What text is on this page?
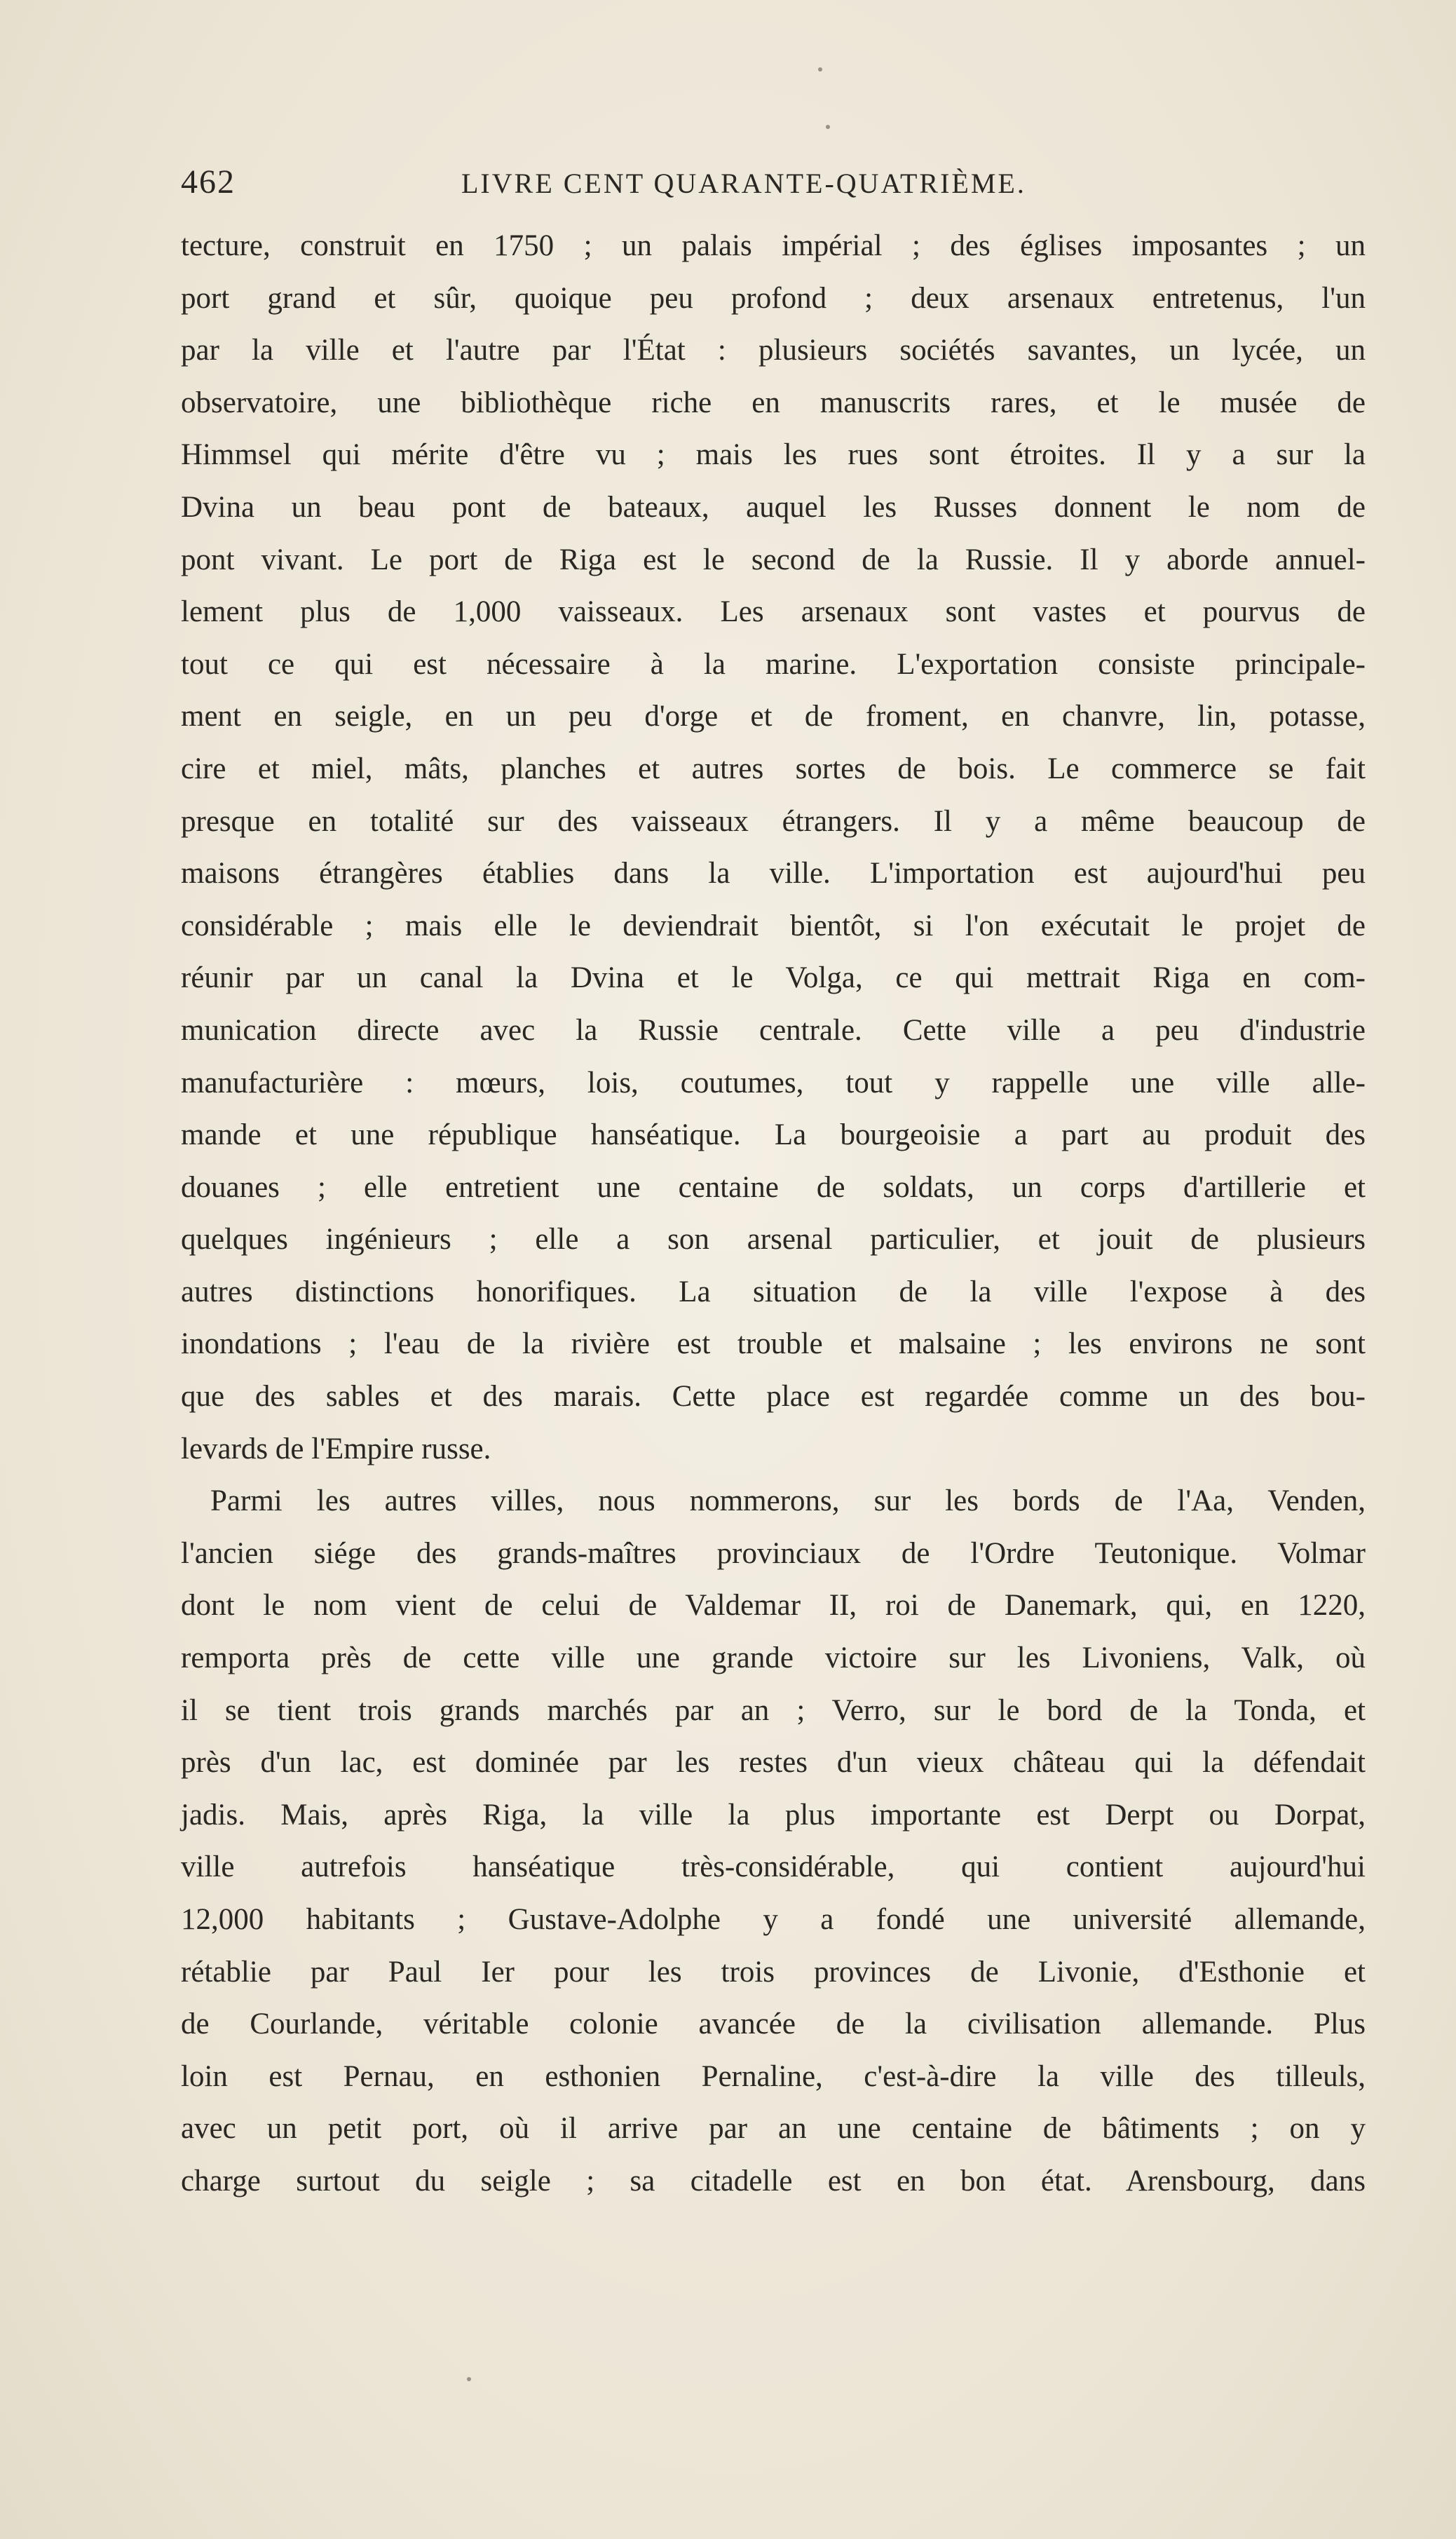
462	LIVRE CENT QUARANTE-QUATRIÈME.
tecture, construit en 1750 ; un palais impérial ; des églises imposantes ; un
port grand et sûr, quoique peu profond ; deux arsenaux entretenus, l'un
par la ville et l'autre par l'État : plusieurs sociétés savantes, un lycée, un
observatoire, une bibliothèque riche en manuscrits rares, et le musée de
Himmsel qui mérite d'être vu ; mais les rues sont étroites. Il y a sur la
Dvina un beau pont de bateaux, auquel les Russes donnent le nom de
pont vivant. Le port de Riga est le second de la Russie. Il y aborde annuel-
lement plus de 1,000 vaisseaux. Les arsenaux sont vastes et pourvus de
tout ce qui est nécessaire à la marine. L'exportation consiste principale-
ment en seigle, en un peu d'orge et de froment, en chanvre, lin, potasse,
cire et miel, mâts, planches et autres sortes de bois. Le commerce se fait
presque en totalité sur des vaisseaux étrangers. Il y a même beaucoup de
maisons étrangères établies dans la ville. L'importation est aujourd'hui peu
considérable ; mais elle le deviendrait bientôt, si l'on exécutait le projet de
réunir par un canal la Dvina et le Volga, ce qui mettrait Riga en com-
munication directe avec la Russie centrale. Cette ville a peu d'industrie
manufacturière : mœurs, lois, coutumes, tout y rappelle une ville alle-
mande et une république hanséatique. La bourgeoisie a part au produit des
douanes ; elle entretient une centaine de soldats, un corps d'artillerie et
quelques ingénieurs ; elle a son arsenal particulier, et jouit de plusieurs
autres distinctions honorifiques. La situation de la ville l'expose à des
inondations ; l'eau de la rivière est trouble et malsaine ; les environs ne sont
que des sables et des marais. Cette place est regardée comme un des bou-
levards de l'Empire russe.
Parmi les autres villes, nous nommerons, sur les bords de l'Aa, Venden,
l'ancien siége des grands-maîtres provinciaux de l'Ordre Teutonique. Volmar
dont le nom vient de celui de Valdemar II, roi de Danemark, qui, en 1220,
remporta près de cette ville une grande victoire sur les Livoniens, Valk, où
il se tient trois grands marchés par an ; Verro, sur le bord de la Tonda, et
près d'un lac, est dominée par les restes d'un vieux château qui la défendait
jadis. Mais, après Riga, la ville la plus importante est Derpt ou Dorpat,
ville autrefois hanséatique très-considérable, qui contient aujourd'hui
12,000 habitants ; Gustave-Adolphe y a fondé une université allemande,
rétablie par Paul Ier pour les trois provinces de Livonie, d'Esthonie et
de Courlande, véritable colonie avancée de la civilisation allemande. Plus
loin est Pernau, en esthonien Pernaline, c'est-à-dire la ville des tilleuls,
avec un petit port, où il arrive par an une centaine de bâtiments ; on y
charge surtout du seigle ; sa citadelle est en bon état. Arensbourg, dans
